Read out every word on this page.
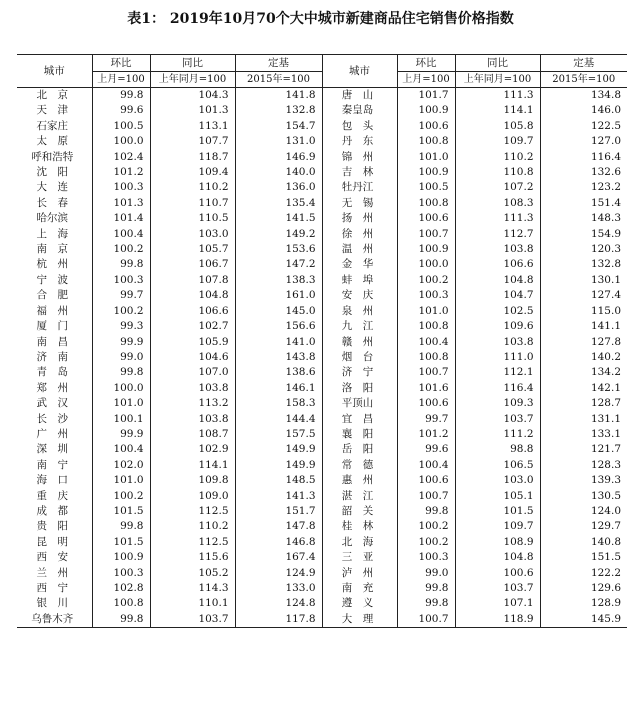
表1： 2019年10月70个大中城市新建商品住宅销售价格指数
城市	环比	同比	定基	城市	环比	同比	定基
	上月=100	上年同月=100	2015年=100		上月=100	上年同月=100	2015年=100
北　京	99.8	104.3	141.8	唐　山	101.7	111.3	134.8
天　津	99.6	101.3	132.8	秦皇岛	100.9	114.1	146.0
石家庄	100.5	113.1	154.7	包　头	100.6	105.8	122.5
太　原	100.0	107.7	131.0	丹　东	100.8	109.7	127.0
呼和浩特	102.4	118.7	146.9	锦　州	101.0	110.2	116.4
沈　阳	101.2	109.4	140.0	吉　林	100.9	110.8	132.6
大　连	100.3	110.2	136.0	牡丹江	100.5	107.2	123.2
长　春	101.3	110.7	135.4	无　锡	100.8	108.3	151.4
哈尔滨	101.4	110.5	141.5	扬　州	100.6	111.3	148.3
上　海	100.4	103.0	149.2	徐　州	100.7	112.7	154.9
南　京	100.2	105.7	153.6	温　州	100.9	103.8	120.3
杭　州	99.8	106.7	147.2	金　华	100.0	106.6	132.8
宁　波	100.3	107.8	138.3	蚌　埠	100.2	104.8	130.1
合　肥	99.7	104.8	161.0	安　庆	100.3	104.7	127.4
福　州	100.2	106.6	145.0	泉　州	101.0	102.5	115.0
厦　门	99.3	102.7	156.6	九　江	100.8	109.6	141.1
南　昌	99.9	105.9	141.0	赣　州	100.4	103.8	127.8
济　南	99.0	104.6	143.8	烟　台	100.8	111.0	140.2
青　岛	99.8	107.0	138.6	济　宁	100.7	112.1	134.2
郑　州	100.0	103.8	146.1	洛　阳	101.6	116.4	142.1
武　汉	101.0	113.2	158.3	平顶山	100.6	109.3	128.7
长　沙	100.1	103.8	144.4	宜　昌	99.7	103.7	131.1
广　州	99.9	108.7	157.5	襄　阳	101.2	111.2	133.1
深　圳	100.4	102.9	149.9	岳　阳	99.6	98.8	121.7
南　宁	102.0	114.1	149.9	常　德	100.4	106.5	128.3
海　口	101.0	109.8	148.5	惠　州	100.6	103.0	139.3
重　庆	100.2	109.0	141.3	湛　江	100.7	105.1	130.5
成　都	101.5	112.5	151.7	韶　关	99.8	101.5	124.0
贵　阳	99.8	110.2	147.8	桂　林	100.2	109.7	129.7
昆　明	101.5	112.5	146.8	北　海	100.2	108.9	140.8
西　安	100.9	115.6	167.4	三　亚	100.3	104.8	151.5
兰　州	100.3	105.2	124.9	泸　州	99.0	100.6	122.2
西　宁	102.8	114.3	133.0	南　充	99.8	103.7	129.6
银　川	100.8	110.1	124.8	遵　义	99.8	107.1	128.9
乌鲁木齐	99.8	103.7	117.8	大　理	100.7	118.9	145.9
